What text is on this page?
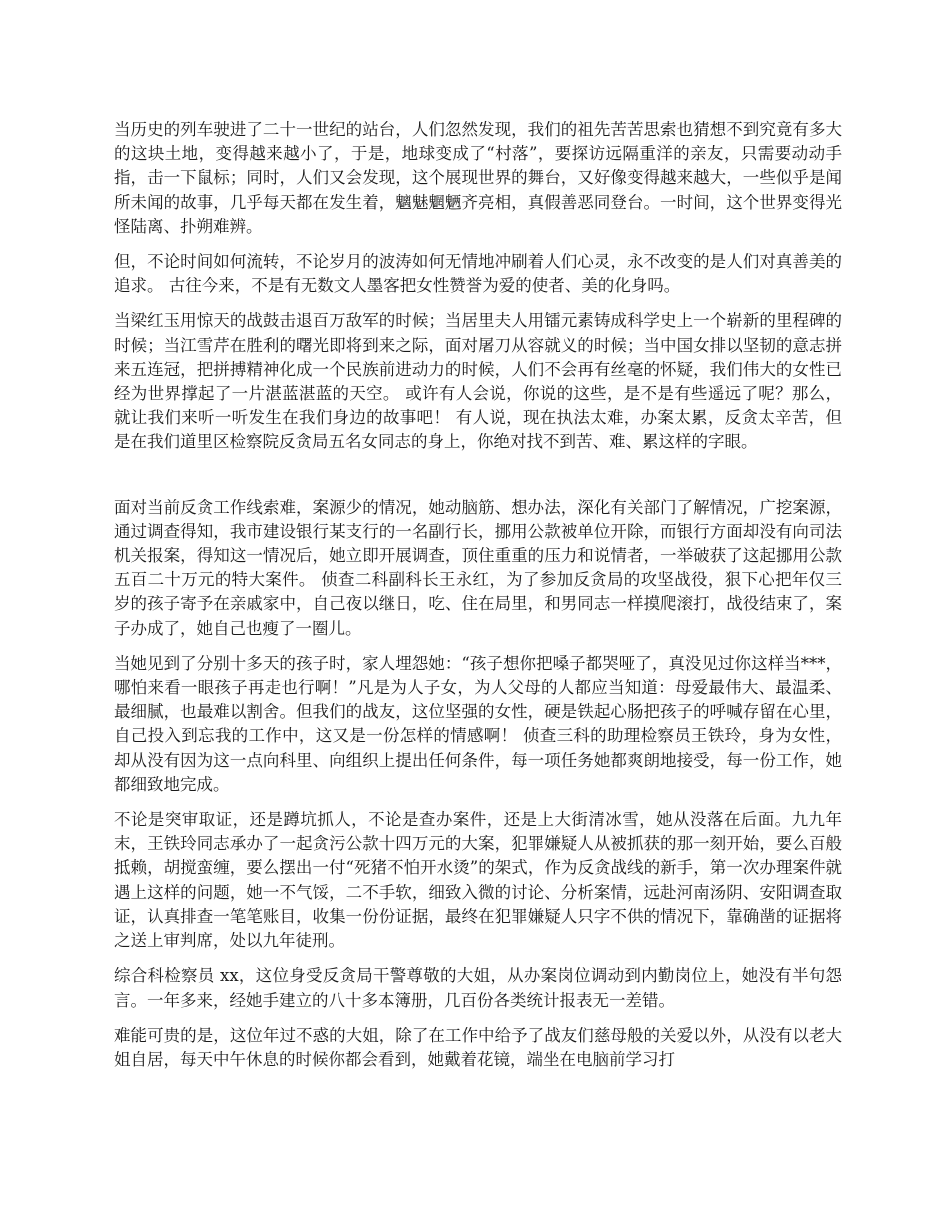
当历史的列车驶进了二十一世纪的站台，人们忽然发现，我们的祖先苦苦思索也猜想不到究竟有多大的这块土地，变得越来越小了，于是，地球变成了“村落”，要探访远隔重洋的亲友，只需要动动手指，击一下鼠标；同时，人们又会发现，这个展现世界的舞台，又好像变得越来越大，一些似乎是闻所未闻的故事，几乎每天都在发生着，魑魅魍魉齐亮相，真假善恶同登台。一时间，这个世界变得光怪陆离、扑朔难辨。

但，不论时间如何流转，不论岁月的波涛如何无情地冲刷着人们心灵，永不改变的是人们对真善美的追求。 古往今来，不是有无数文人墨客把女性赞誉为爱的使者、美的化身吗。

当梁红玉用惊天的战鼓击退百万敌军的时候；当居里夫人用镭元素铸成科学史上一个崭新的里程碑的时候；当江雪芹在胜利的曙光即将到来之际，面对屠刀从容就义的时候；当中国女排以坚韧的意志拼来五连冠，把拼搏精神化成一个民族前进动力的时候，人们不会再有丝毫的怀疑，我们伟大的女性已经为世界撑起了一片湛蓝湛蓝的天空。 或许有人会说，你说的这些，是不是有些遥远了呢？那么，就让我们来听一听发生在我们身边的故事吧！ 有人说，现在执法太难，办案太累，反贪太辛苦，但是在我们道里区检察院反贪局五名女同志的身上，你绝对找不到苦、难、累这样的字眼。

面对当前反贪工作线索难，案源少的情况，她动脑筋、想办法，深化有关部门了解情况，广挖案源，通过调查得知，我市建设银行某支行的一名副行长，挪用公款被单位开除，而银行方面却没有向司法机关报案，得知这一情况后，她立即开展调查，顶住重重的压力和说情者，一举破获了这起挪用公款五百二十万元的特大案件。 侦查二科副科长王永红，为了参加反贪局的攻坚战役，狠下心把年仅三岁的孩子寄予在亲戚家中，自己夜以继日，吃、住在局里，和男同志一样摸爬滚打，战役结束了，案子办成了，她自己也瘦了一圈儿。

当她见到了分别十多天的孩子时，家人埋怨她：“孩子想你把嗓子都哭哑了，真没见过你这样当***，哪怕来看一眼孩子再走也行啊！”凡是为人子女，为人父母的人都应当知道：母爱最伟大、最温柔、最细腻，也最难以割舍。但我们的战友，这位坚强的女性，硬是铁起心肠把孩子的呼喊存留在心里，自己投入到忘我的工作中，这又是一份怎样的情感啊！ 侦查三科的助理检察员王铁玲，身为女性，却从没有因为这一点向科里、向组织上提出任何条件，每一项任务她都爽朗地接受，每一份工作，她都细致地完成。

不论是突审取证，还是蹲坑抓人，不论是查办案件，还是上大街清冰雪，她从没落在后面。九九年末，王铁玲同志承办了一起贪污公款十四万元的大案，犯罪嫌疑人从被抓获的那一刻开始，要么百般抵赖，胡搅蛮缠，要么摆出一付“死猪不怕开水烫”的架式，作为反贪战线的新手，第一次办理案件就遇上这样的问题，她一不气馁，二不手软，细致入微的讨论、分析案情，远赴河南汤阴、安阳调查取证，认真排查一笔笔账目，收集一份份证据，最终在犯罪嫌疑人只字不供的情况下，靠确凿的证据将之送上审判席，处以九年徒刑。

综合科检察员 xx，这位身受反贪局干警尊敬的大姐，从办案岗位调动到内勤岗位上，她没有半句怨言。一年多来，经她手建立的八十多本簿册，几百份各类统计报表无一差错。

难能可贵的是，这位年过不惑的大姐，除了在工作中给予了战友们慈母般的关爱以外，从没有以老大姐自居，每天中午休息的时候你都会看到，她戴着花镜，端坐在电脑前学习打
